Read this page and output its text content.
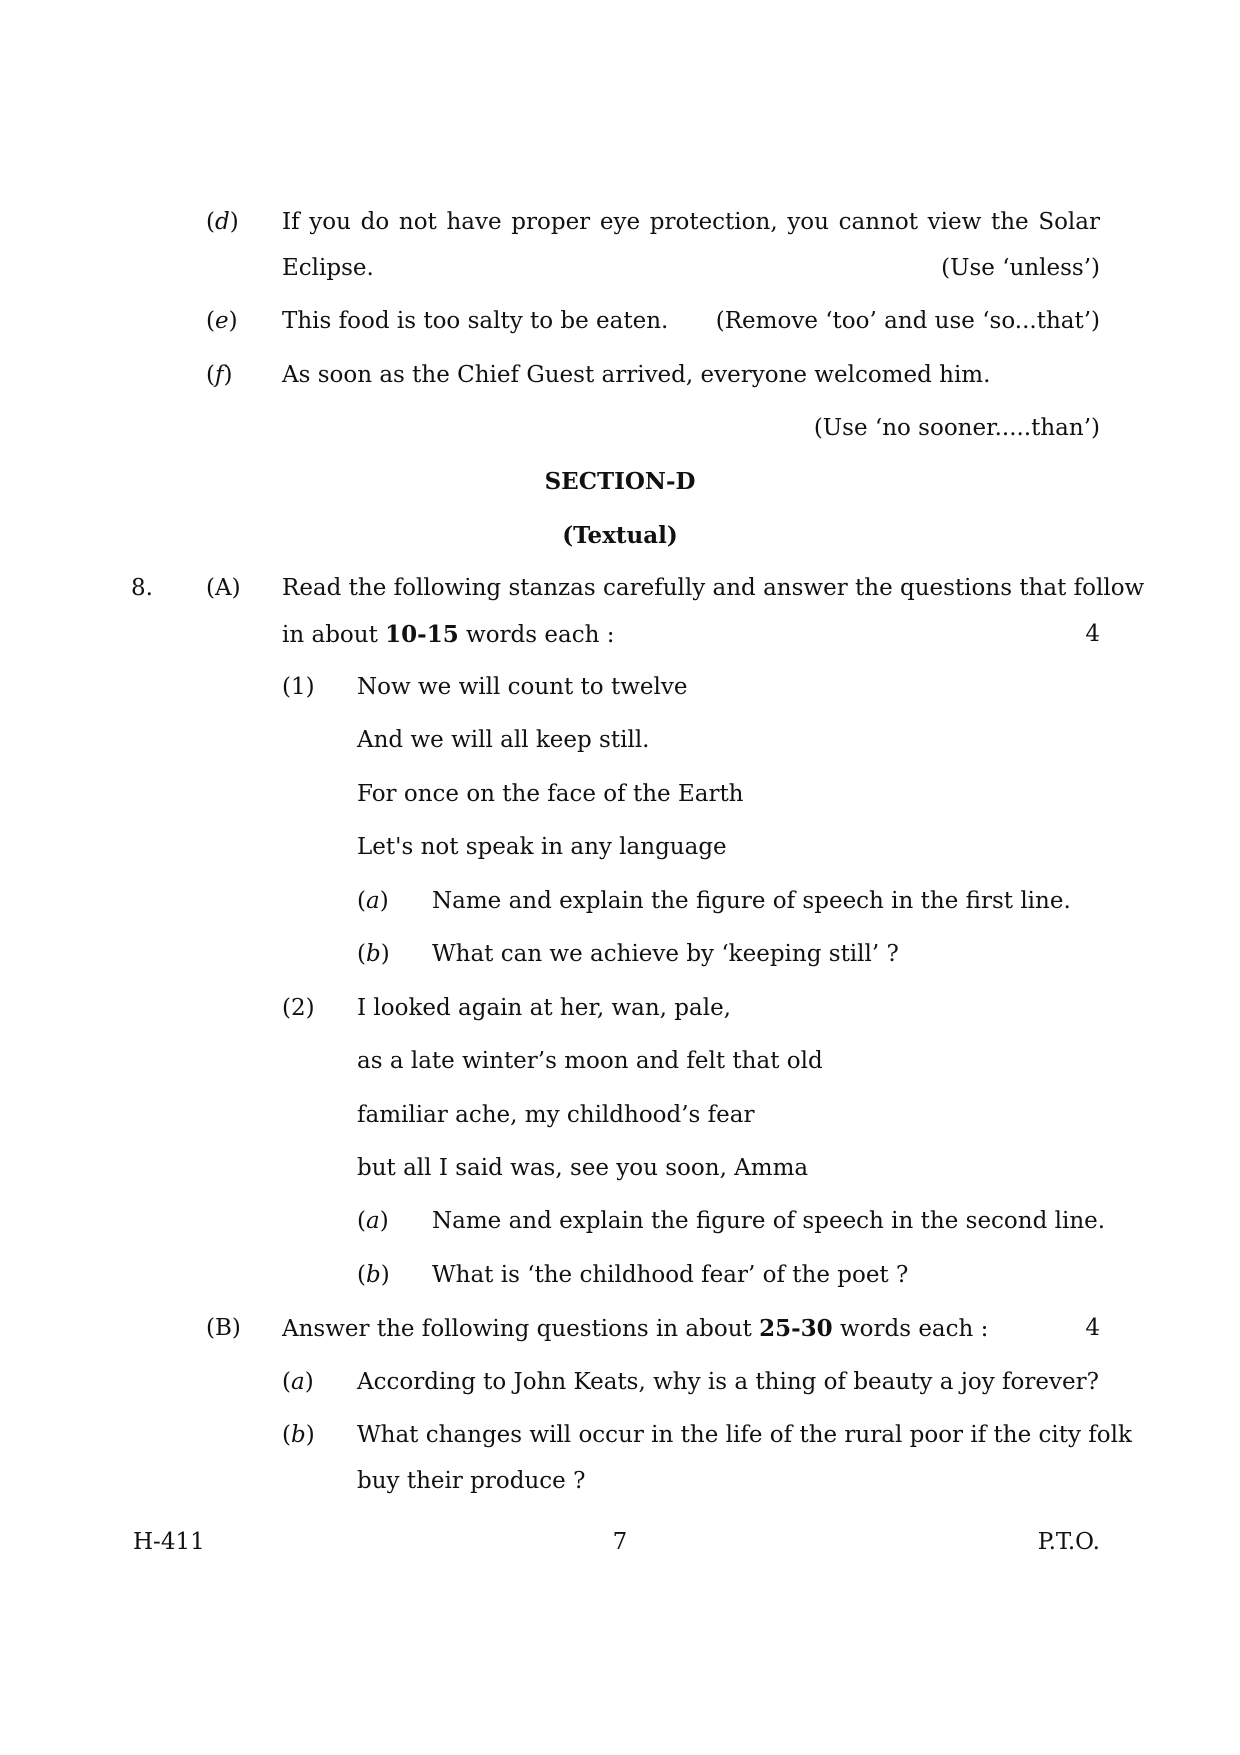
(d) If you do not have proper eye protection, you cannot view the Solar
Eclipse.	(Use ‘unless’)
(e) This food is too salty to be eaten. (Remove ‘too’ and use ‘so...that’)
(f) As soon as the Chief Guest arrived, everyone welcomed him.
(Use ‘no sooner.....than’)
SECTION-D
(Textual)
8. (A) Read the following stanzas carefully and answer the questions that follow
in about 10-15 words each :	4
(1) Now we will count to twelve
And we will all keep still.
For once on the face of the Earth
Let's not speak in any language
(a) Name and explain the figure of speech in the first line.
(b) What can we achieve by ‘keeping still’ ?
(2) I looked again at her, wan, pale,
as a late winter’s moon and felt that old
familiar ache, my childhood’s fear
but all I said was, see you soon, Amma
(a) Name and explain the figure of speech in the second line.
(b) What is ‘the childhood fear’ of the poet ?
(B) Answer the following questions in about 25-30 words each :	4
(a) According to John Keats, why is a thing of beauty a joy forever?
(b) What changes will occur in the life of the rural poor if the city folk
buy their produce ?
H-411	7	P.T.O.
